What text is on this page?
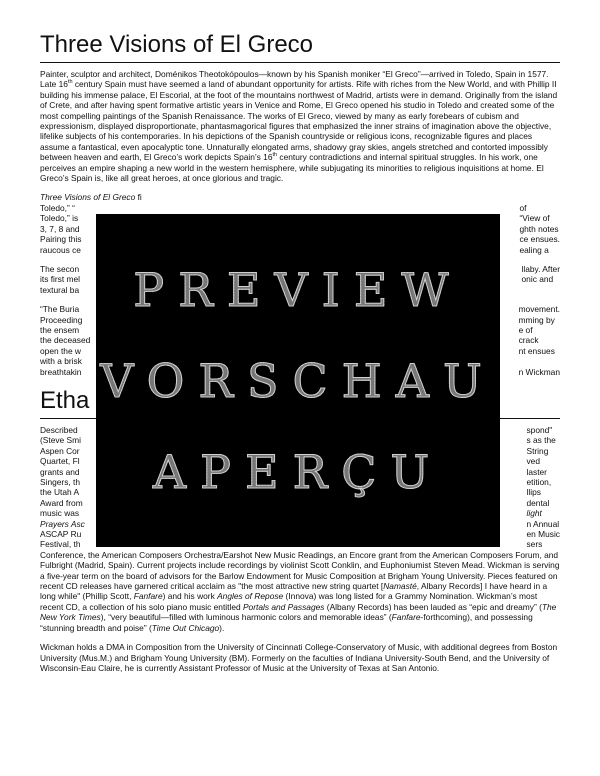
Three Visions of El Greco

Painter, sculptor and architect, Doménikos Theotokópoulos—known by his Spanish moniker “El Greco”—arrived in Toledo, Spain in 1577. Late 16th century Spain must have seemed a land of abundant opportunity for artists. Rife with riches from the New World, and with Phillip II building his immense palace, El Escorial, at the foot of the mountains northwest of Madrid, artists were in demand. Originally from the island of Crete, and after having spent formative artistic years in Venice and Rome, El Greco opened his studio in Toledo and created some of the most compelling paintings of the Spanish Renaissance. The works of El Greco, viewed by many as early forebears of cubism and expressionism, displayed disproportionate, phantasmagorical figures that emphasized the inner strains of imagination above the objective, lifelike subjects of his contemporaries. In his depictions of the Spanish countryside or religious icons, recognizable figures and places assume a fantastical, even apocalyptic tone. Unnaturally elongated arms, shadowy gray skies, angels stretched and contorted impossibly between heaven and earth, El Greco’s work depicts Spain’s 16th century contradictions and internal spiritual struggles. In his work, one perceives an empire shaping a new world in the western hemisphere, while subjugating its minorities to religious inquisitions at home. El Greco’s Spain is, like all great heroes, at once glorious and tragic.

Three Visions of El Greco fi
Toledo,” “	of
Toledo,” is	“View of
3, 7, 8 and	ghth notes
Pairing this	ce ensues.
raucous ce	ealing a

The secon	llaby. After
its first mel	onic and
textural ba

“The Buria	movement.
Proceeding	mming by
the ensem	e of
the deceased	crack
open the w	nt ensues
with a brisk
breathtakin	n Wickman

Etha

Described	spond"
(Steve Smi	s as the
Aspen Cor	String
Quartet, Fl	ved
grants and	laster
Singers, th	etition,
the Utah A	llips
Award from	dental
music was	light
Prayers Asc	n Annual
ASCAP Ru	en Music
Festival, th	sers

Conference, the American Composers Orchestra/Earshot New Music Readings, an Encore grant from the American Composers Forum, and Fulbright (Madrid, Spain). Current projects include recordings by violinist Scott Conklin, and Euphoniumist Steven Mead. Wickman is serving a five-year term on the board of advisors for the Barlow Endowment for Music Composition at Brigham Young University. Pieces featured on recent CD releases have garnered critical acclaim as "the most attractive new string quartet [Namasté, Albany Records] I have heard in a long while" (Phillip Scott, Fanfare) and his work Angles of Repose (Innova) was long listed for a Grammy Nomination. Wickman’s most recent CD, a collection of his solo piano music entitled Portals and Passages (Albany Records) has been lauded as “epic and dreamy” (The New York Times), “very beautiful—filled with luminous harmonic colors and memorable ideas” (Fanfare-forthcoming), and possessing “stunning breadth and poise” (Time Out Chicago).

Wickman holds a DMA in Composition from the University of Cincinnati College-Conservatory of Music, with additional degrees from Boston University (Mus.M.) and Brigham Young University (BM). Formerly on the faculties of Indiana University-South Bend, and the University of Wisconsin-Eau Claire, he is currently Assistant Professor of Music at the University of Texas at San Antonio.

PREVIEW
VORSCHAU
APERÇU
